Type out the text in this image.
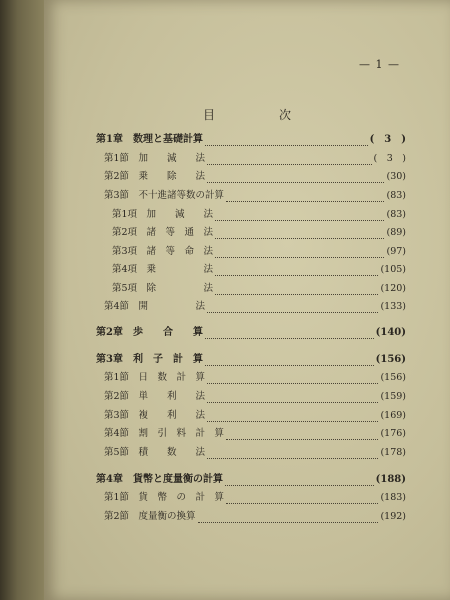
— 1 —
目　次
第1章　数理と基礎計算	(　3　)
第1節　加　　減　　法	(　3　)
第2節　乗　　除　　法	(30)
第3節　不十進諸等数の計算	(83)
第1項　加　　減　　法	(83)
第2項　諸　等　通　法	(89)
第3項　諸　等　命　法	(97)
第4項　乗　　　　　法	(105)
第5項　除　　　　　法	(120)
第4節　開　　　　　法	(133)
第2章　歩　　合　　算	(140)
第3章　利　子　計　算	(156)
第1節　日　数　計　算	(156)
第2節　単　　利　　法	(159)
第3節　複　　利　　法	(169)
第4節　割　引　料　計　算	(176)
第5節　積　　数　　法	(178)
第4章　貨幣と度量衡の計算	(188)
第1節　貨　幣　の　計　算	(183)
第2節　度量衡の換算	(192)
